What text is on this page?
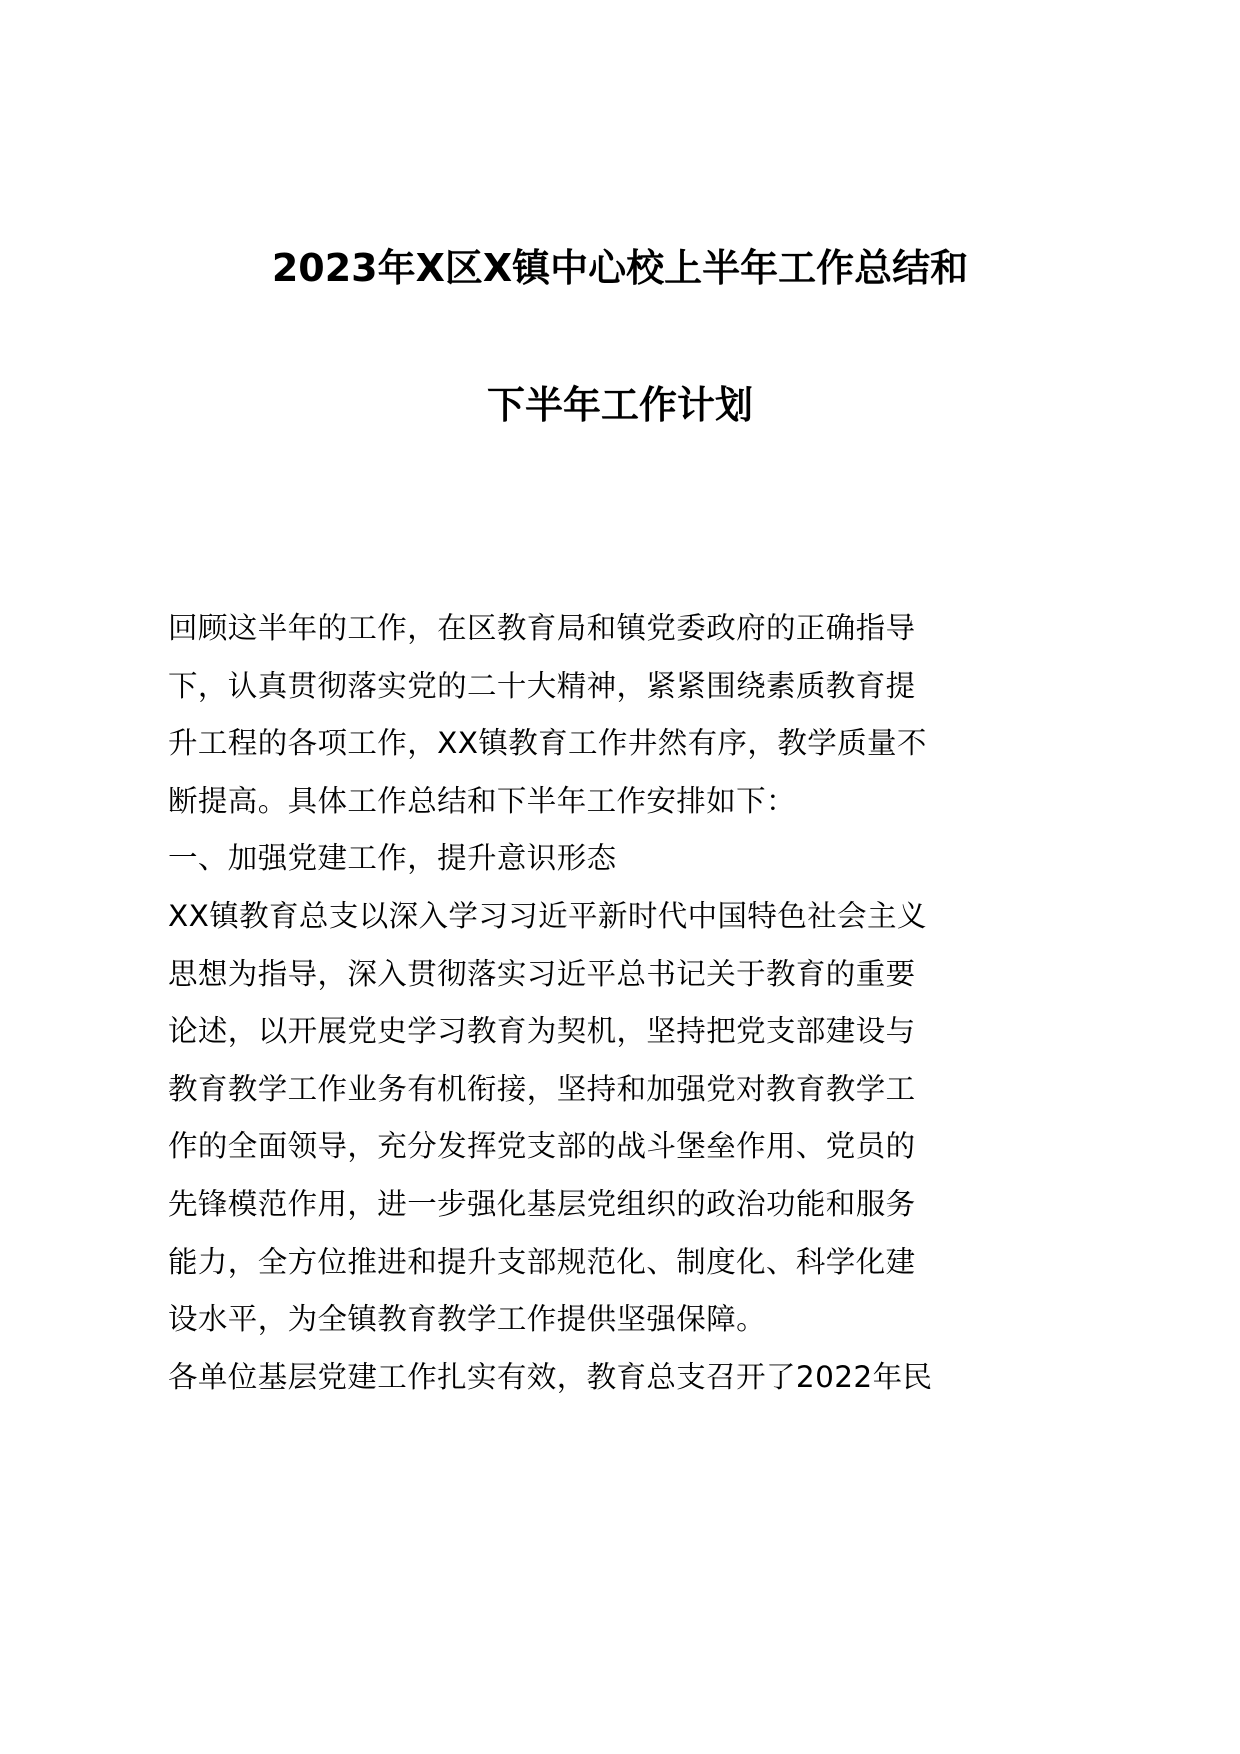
2023年X区X镇中心校上半年工作总结和
下半年工作计划
回顾这半年的工作，在区教育局和镇党委政府的正确指导
下，认真贯彻落实党的二十大精神，紧紧围绕素质教育提
升工程的各项工作，XX镇教育工作井然有序，教学质量不
断提高。具体工作总结和下半年工作安排如下：
一、加强党建工作，提升意识形态
XX镇教育总支以深入学习习近平新时代中国特色社会主义
思想为指导，深入贯彻落实习近平总书记关于教育的重要
论述，以开展党史学习教育为契机，坚持把党支部建设与
教育教学工作业务有机衔接，坚持和加强党对教育教学工
作的全面领导，充分发挥党支部的战斗堡垒作用、党员的
先锋模范作用，进一步强化基层党组织的政治功能和服务
能力，全方位推进和提升支部规范化、制度化、科学化建
设水平，为全镇教育教学工作提供坚强保障。
各单位基层党建工作扎实有效，教育总支召开了2022年民
